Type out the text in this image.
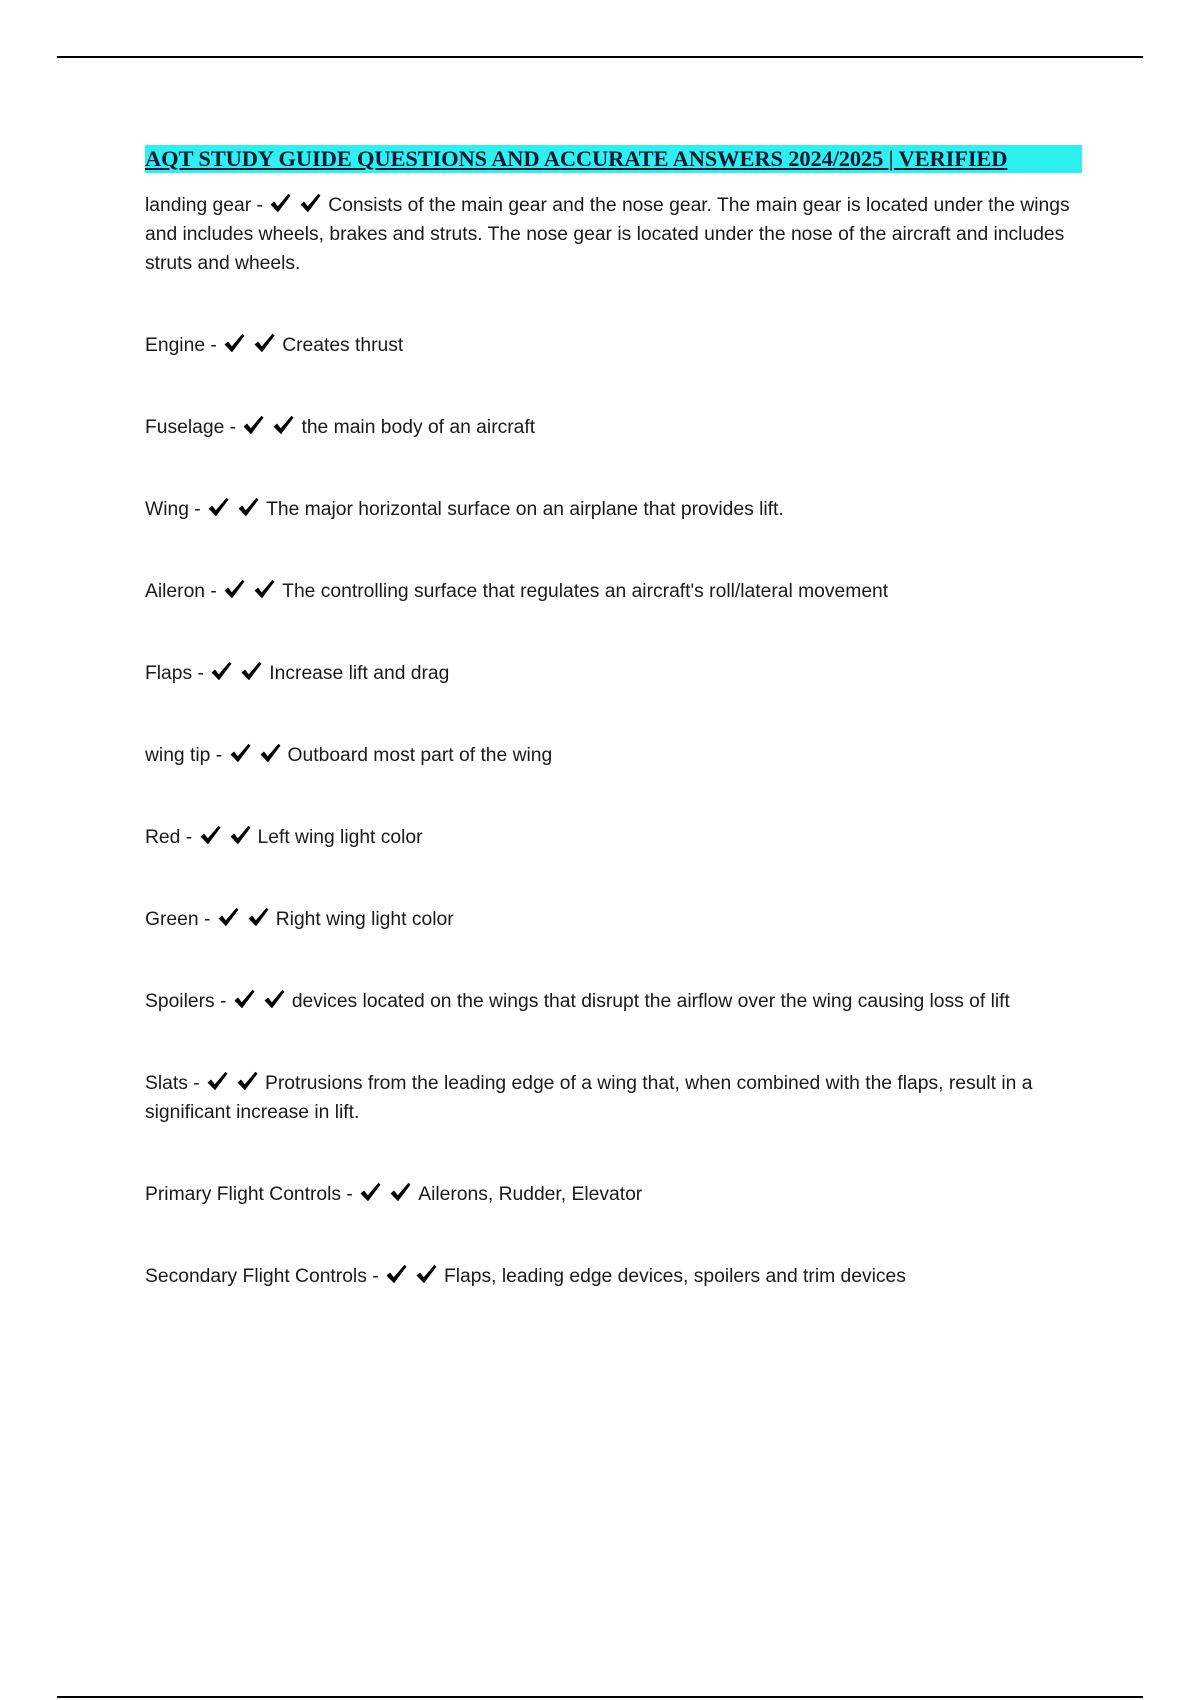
AQT STUDY GUIDE QUESTIONS AND ACCURATE ANSWERS 2024/2025 | VERIFIED

landing gear -	Consists of the main gear and the nose gear. The main gear is located under the wings and includes wheels, brakes and struts. The nose gear is located under the nose of the aircraft and includes struts and wheels.

Engine -	Creates thrust

Fuselage -	the main body of an aircraft

Wing -	The major horizontal surface on an airplane that provides lift.

Aileron -	The controlling surface that regulates an aircraft's roll/lateral movement

Flaps -	Increase lift and drag

wing tip -	Outboard most part of the wing

Red -	Left wing light color

Green -	Right wing light color

Spoilers -	devices located on the wings that disrupt the airflow over the wing causing loss of lift

Slats -	Protrusions from the leading edge of a wing that, when combined with the flaps, result in a significant increase in lift.

Primary Flight Controls -	Ailerons, Rudder, Elevator

Secondary Flight Controls -	Flaps, leading edge devices, spoilers and trim devices
